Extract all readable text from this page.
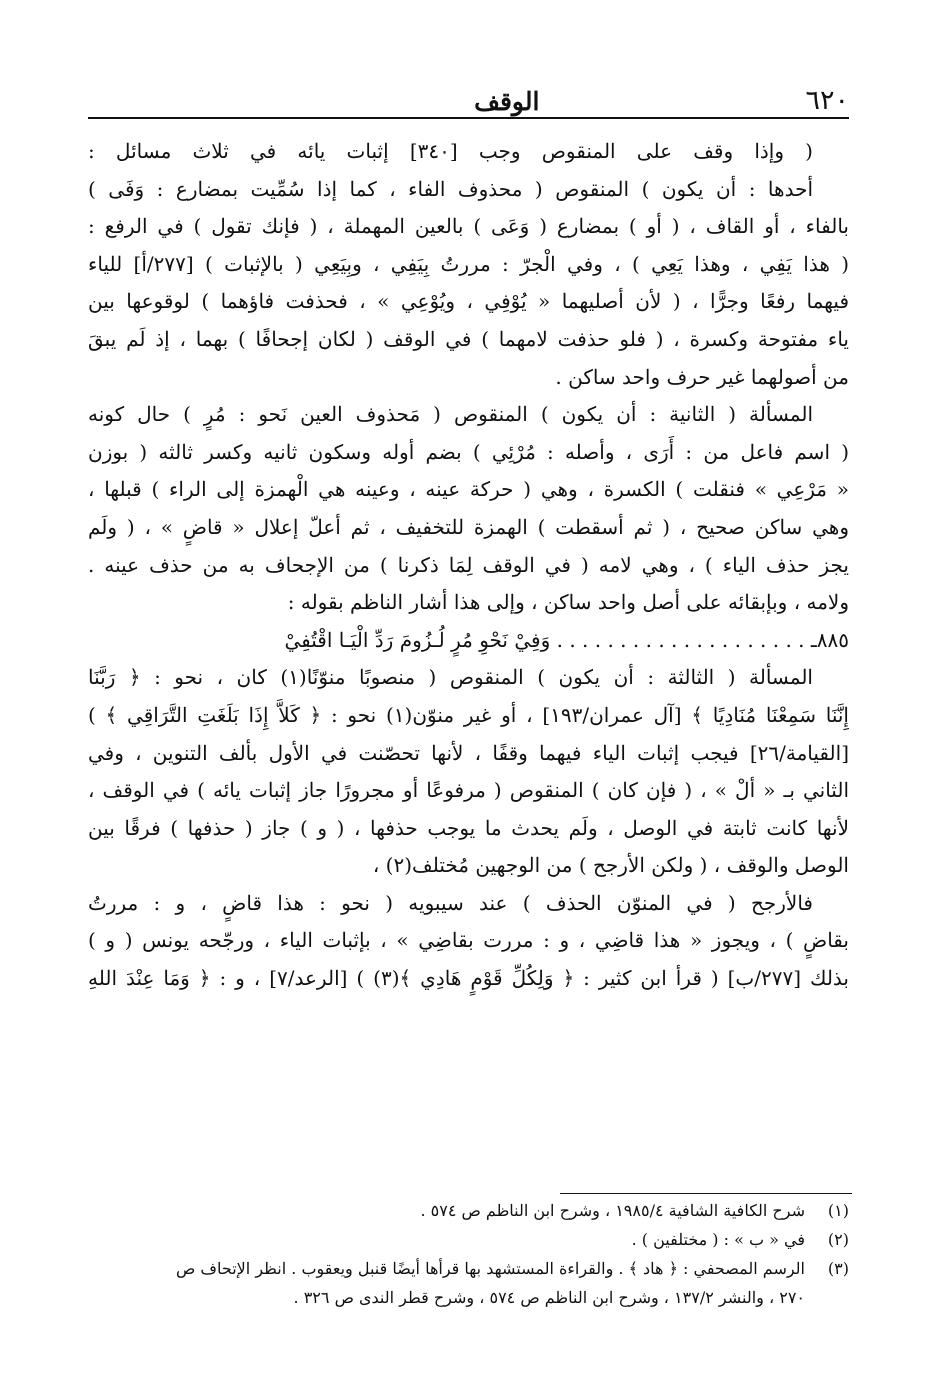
٦٢٠
الوقف
( وإذا وقف على المنقوص وجب [٣٤٠] إثبات يائه في ثلاث مسائل :
أحدها : أن يكون ) المنقوص ( محذوف الفاء ، كما إذا سُمِّيت بمضارع : وَفَى )
بالفاء ، أو القاف ، ( أو ) بمضارع ( وَعَى ) بالعين المهملة ، ( فإنك تقول ) في الرفع :
( هذا يَفِي ، وهذا يَعِي ) ، وفي الْجرّ : مررتُ بِيَفِي ، وبِيَعِي ( بالإثبات ) [٢٧٧/أ] للياء
فيهما رفعًا وجرًّا ، ( لأن أصليهما « يُوْفِي ، ويُوْعِي » ، فحذفت فاؤهما ) لوقوعها بين
ياء مفتوحة وكسرة ، ( فلو حذفت لامهما ) في الوقف ( لكان إجحافًا ) بهما ، إذ لَم يبقَ
من أصولهما غير حرف واحد ساكن .
المسألة ( الثانية : أن يكون ) المنقوص ( مَحذوف العين نَحو : مُرٍ ) حال كونه
( اسم فاعل من : أَرَى ، وأصله : مُرْئِي ) بضم أوله وسكون ثانيه وكسر ثالثه ( بوزن
« مَرْعِي » فنقلت ) الكسرة ، وهي ( حركة عينه ، وعينه هي الْهمزة إلى الراء ) قبلها ،
وهي ساكن صحيح ، ( ثم أسقطت ) الهمزة للتخفيف ، ثم أعلّ إعلال « قاضٍ » ، ( ولَم
يجز حذف الياء ) ، وهي لامه ( في الوقف لِمَا ذكرنا ) من الإجحاف به من حذف عينه .
ولامه ، وبإبقائه على أصل واحد ساكن ، وإلى هذا أشار الناظم بقوله :
٨٨٥ـ . . . . . . . . . . . . . . . . . . . . وَفِيْ نَحْوِ مُرٍ لُـزُومَ رَدِّ الْيَـا اقْتُفِيْ
المسألة ( الثالثة : أن يكون ) المنقوص ( منصوبًا منوّنًا(١) كان ، نحو : ﴿ رَبَّنَا
إِنَّنَا سَمِعْنَا مُنَادِيًا ﴾ [آل عمران/١٩٣] ، أو غير منوّن(١) نحو : ﴿ كَلاَّ إِذَا بَلَغَتِ التَّرَاقِي ﴾ )
[القيامة/٢٦] فيجب إثبات الياء فيهما وقفًا ، لأنها تحصّنت في الأول بألف التنوين ، وفي
الثاني بـ « ألْ » ، ( فإن كان ) المنقوص ( مرفوعًا أو مجرورًا جاز إثبات يائه ) في الوقف ،
لأنها كانت ثابتة في الوصل ، ولَم يحدث ما يوجب حذفها ، ( و ) جاز ( حذفها ) فرقًا بين
الوصل والوقف ، ( ولكن الأرجح ) من الوجهين مُختلف(٢) ،
فالأرجح ( في المنوّن الحذف ) عند سيبويه ( نحو : هذا قاضٍ ، و : مررتُ
بقاضٍ ) ، ويجوز « هذا قاضِي ، و : مررت بقاضِي » ، بإثبات الياء ، ورجّحه يونس ( و )
بذلك [٢٧٧/ب] ( قرأ ابن كثير : ﴿ وَلِكُلِّ قَوْمٍ هَادِي ﴾(٣) ) [الرعد/٧] ، و : ﴿ وَمَا عِنْدَ اللهِ
(١)
شرح الكافية الشافية ١٩٨٥/٤ ، وشرح ابن الناظم ص ٥٧٤ .
(٢)
في « ب » : ( مختلفين ) .
(٣)
الرسم المصحفي : ﴿ هاد ﴾ . والقراءة المستشهد بها قرأها أيضًا قنبل ويعقوب . انظر الإتحاف ص
٢٧٠ ، والنشر ١٣٧/٢ ، وشرح ابن الناظم ص ٥٧٤ ، وشرح قطر الندى ص ٣٢٦ .
